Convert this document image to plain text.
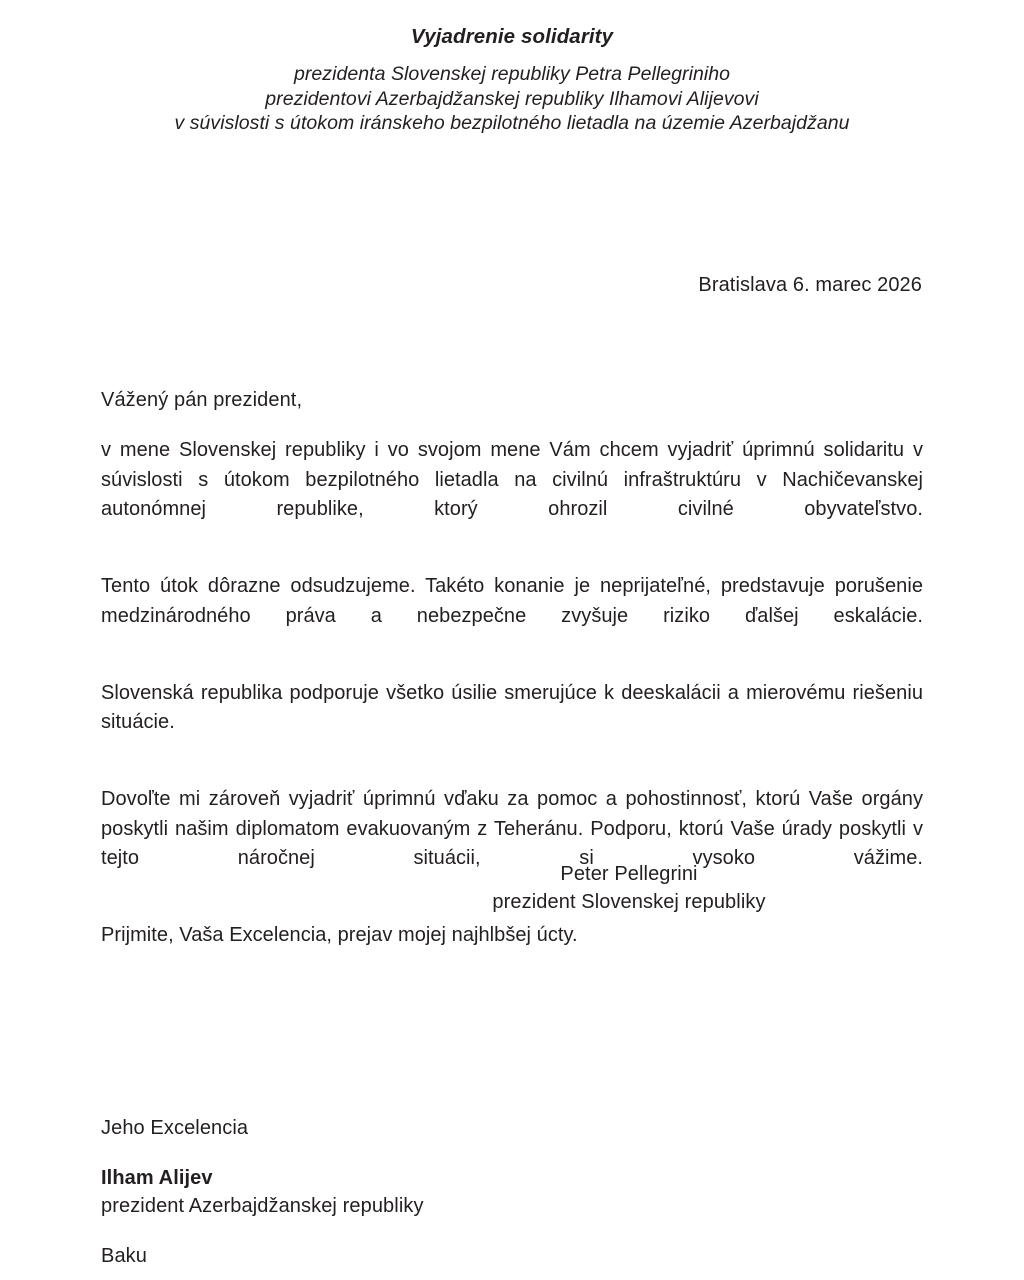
Vyjadrenie solidarity
prezidenta Slovenskej republiky Petra Pellegriniho
prezidentovi Azerbajdžanskej republiky Ilhamovi Alijevovi
v súvislosti s útokom iránskeho bezpilotného lietadla na územie Azerbajdžanu
Bratislava 6. marec 2026

Vážený pán prezident,

v mene Slovenskej republiky i vo svojom mene Vám chcem vyjadriť úprimnú solidaritu v súvislosti s útokom bezpilotného lietadla na civilnú infraštruktúru v Nachičevanskej autonómnej republike, ktorý ohrozil civilné obyvateľstvo.

Tento útok dôrazne odsudzujeme. Takéto konanie je neprijateľné, predstavuje porušenie medzinárodného práva a nebezpečne zvyšuje riziko ďalšej eskalácie.

Slovenská republika podporuje všetko úsilie smerujúce k deeskalácii a mierovému riešeniu situácie.

Dovoľte mi zároveň vyjadriť úprimnú vďaku za pomoc a pohostinnosť, ktorú Vaše orgány poskytli našim diplomatom evakuovaným z Teheránu. Podporu, ktorú Vaše úrady poskytli v tejto náročnej situácii, si vysoko vážime.

Prijmite, Vaša Excelencia, prejav mojej najhlbšej úcty.

Peter Pellegrini
prezident Slovenskej republiky

Jeho Excelencia

Ilham Alijev

prezident Azerbajdžanskej republiky

Baku
